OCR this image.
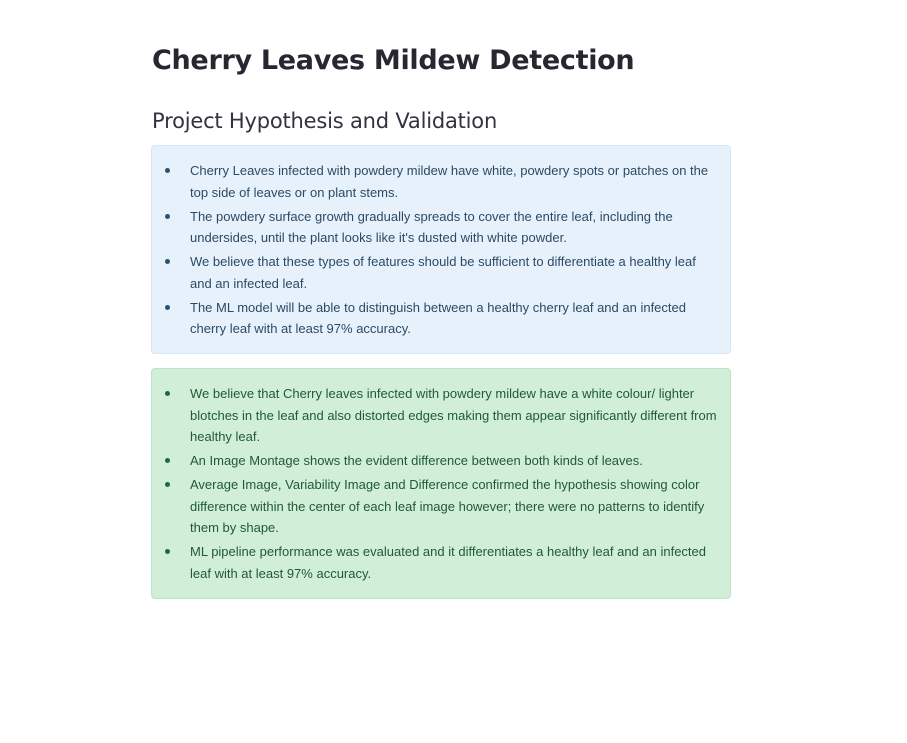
Cherry Leaves Mildew Detection
Project Hypothesis and Validation
Cherry Leaves infected with powdery mildew have white, powdery spots or patches on the top side of leaves or on plant stems.
The powdery surface growth gradually spreads to cover the entire leaf, including the undersides, until the plant looks like it's dusted with white powder.
We believe that these types of features should be sufficient to differentiate a healthy leaf and an infected leaf.
The ML model will be able to distinguish between a healthy cherry leaf and an infected cherry leaf with at least 97% accuracy.
We believe that Cherry leaves infected with powdery mildew have a white colour/ lighter blotches in the leaf and also distorted edges making them appear significantly different from healthy leaf.
An Image Montage shows the evident difference between both kinds of leaves.
Average Image, Variability Image and Difference confirmed the hypothesis showing color difference within the center of each leaf image however; there were no patterns to identify them by shape.
ML pipeline performance was evaluated and it differentiates a healthy leaf and an infected leaf with at least 97% accuracy.
